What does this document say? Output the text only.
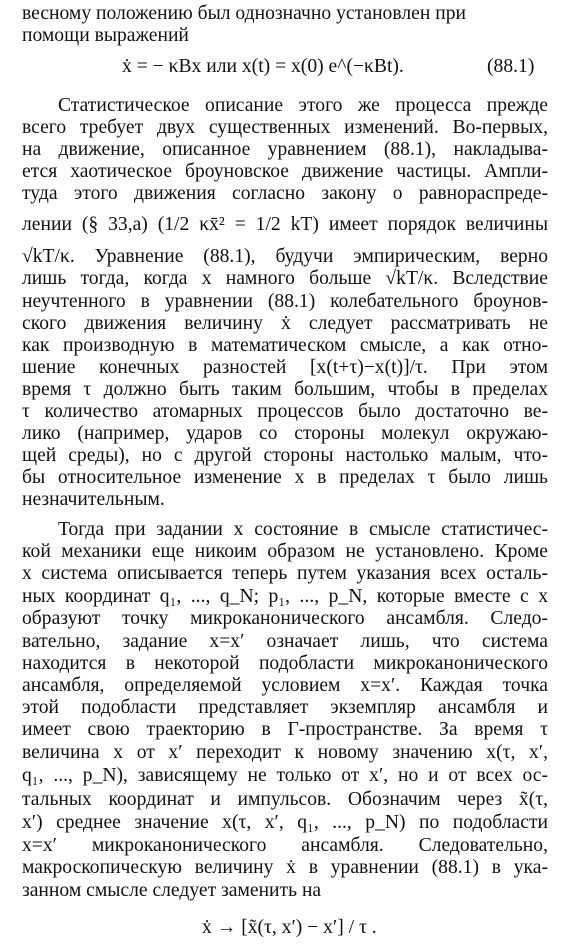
весному положению был однозначно установлен при
помощи выражений
ẋ = − κBx или x(t) = x(0) e^(−κBt).	(88.1)
Статистическое описание этого же процесса прежде
всего требует двух существенных изменений. Во-первых,
на движение, описанное уравнением (88.1), накладыва-
ется хаотическое броуновское движение частицы. Ампли-
туда этого движения согласно закону о равнораспреде-
лении (§ 33,а) (1/2 κx̄² = 1/2 kT) имеет порядок величины
√kT/κ. Уравнение (88.1), будучи эмпирическим, верно
лишь тогда, когда x намного больше √kT/κ. Вследствие
неучтенного в уравнении (88.1) колебательного броунов-
ского движения величину ẋ следует рассматривать не
как производную в математическом смысле, а как отно-
шение конечных разностей [x(t+τ)−x(t)]/τ. При этом
время τ должно быть таким большим, чтобы в пределах
τ количество атомарных процессов было достаточно ве-
лико (например, ударов со стороны молекул окружаю-
щей среды), но с другой стороны настолько малым, что-
бы относительное изменение x в пределах τ было лишь
незначительным.
Тогда при задании x состояние в смысле статистичес-
кой механики еще никоим образом не установлено. Кроме
x система описывается теперь путем указания всех осталь-
ных координат q₁, ..., q_N; p₁, ..., p_N, которые вместе с x
образуют точку микроканонического ансамбля. Следо-
вательно, задание x=x′ означает лишь, что система
находится в некоторой подобласти микроканонического
ансамбля, определяемой условием x=x′. Каждая точка
этой подобласти представляет экземпляр ансамбля и
имеет свою траекторию в Г-пространстве. За время τ
величина x от x′ переходит к новому значению x(τ, x′,
q₁, ..., p_N), зависящему не только от x′, но и от всех ос-
тальных координат и импульсов. Обозначим через x̃(τ,
x′) среднее значение x(τ, x′, q₁, ..., p_N) по подобласти
x=x′ микроканонического ансамбля. Следовательно,
макроскопическую величину ẋ в уравнении (88.1) в ука-
занном смысле следует заменить на
ẋ → [x̃(τ, x′) − x′] / τ .
